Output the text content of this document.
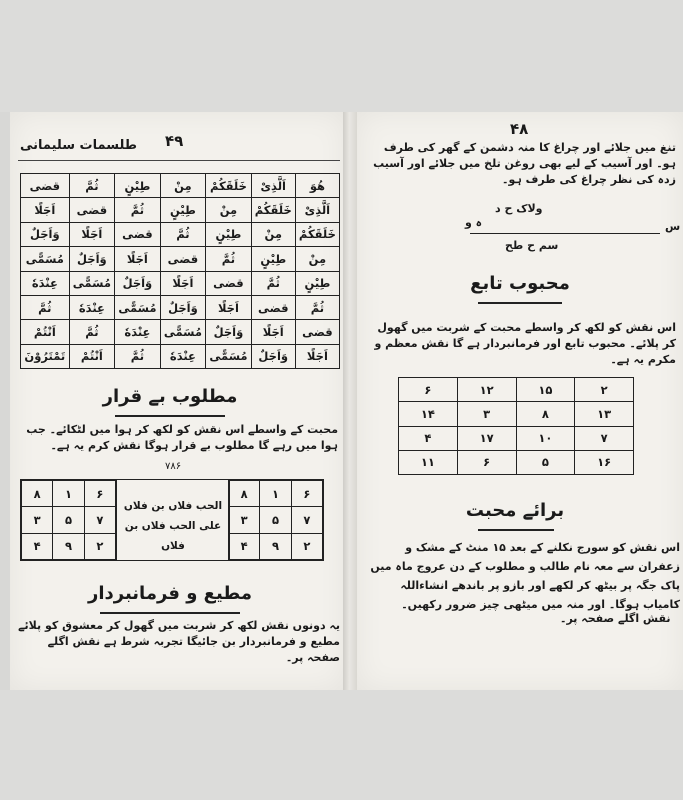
طلسمات سلیمانی ۴۹
قضی	ثُمَّ	طِیْنٍ	مِنْ	خَلَقَکُمْ	اَلَّذِیْ	هُوَ
اَجَلًا	قضی	ثُمَّ	طِیْنٍ	مِنْ	خَلَقَکُمْ	اَلَّذِیْ
وَاَجَلٌ	اَجَلًا	قضی	ثُمَّ	طِیْنٍ	مِنْ	خَلَقَکُمْ
مُسَمًّی	وَاَجَلٌ	اَجَلًا	قضی	ثُمَّ	طِیْنٍ	مِنْ
عِنْدَهٗ	مُسَمًّی	وَاَجَلٌ	اَجَلًا	قضی	ثُمَّ	طِیْنٍ
ثُمَّ	عِنْدَهٗ	مُسَمًّی	وَاَجَلٌ	اَجَلًا	قضی	ثُمَّ
اَنْتُمْ	ثُمَّ	عِنْدَهٗ	مُسَمًّی	وَاَجَلٌ	اَجَلًا	قضی
تَمْتَرُوْنَ	اَنْتُمْ	ثُمَّ	عِنْدَهٗ	مُسَمًّی	وَاَجَلٌ	اَجَلًا
مطلوب بے قرار
محبت کے واسطے اس نقش کو لکھ کر ہوا میں لٹکائے۔ جب ہوا میں رہے گا مطلوب بے قرار ہوگا نقش کرم یہ ہے۔
۷۸۶
۸	۱	۶
۳	۵	۷
۴	۹	۲
الحب فلاں بن فلاں
علی الحب فلاں بن فلاں
۸	۱	۶
۳	۵	۷
۴	۹	۲
مطیع و فرمانبردار
یہ دونوں نقش لکھ کر شربت میں گھول کر معشوق کو پلائے مطیع و فرمانبردار بن جائیگا تجربہ شرط ہے نقش اگلے صفحہ پر۔
۴۸
تنغ میں جلائے اور چراغ کا منہ دشمن کے گھر کی طرف ہو۔ اور آسیب کے لیے بھی روغن تلخ میں جلائے اور آسیب زدہ کی نظر چراغ کی طرف ہو۔
ولاک ح د
ہ و	س
سم ح طح
محبوب تابع
اس نقش کو لکھ کر واسطے محبت کے شربت میں گھول کر پلائے۔ محبوب تابع اور فرمانبردار ہے گا نقش معظم و مکرم یہ ہے۔
۶	۱۲	۱۵	۲
۱۴	۳	۸	۱۳
۴	۱۷	۱۰	۷
۱۱	۶	۵	۱۶
برائے محبت
اس نقش کو سورج نکلنے کے بعد ۱۵ منٹ کے مشک و زعفران سے معہ نام طالب و مطلوب کے دن عروج ماہ میں پاک جگہ پر بیٹھ کر لکھے اور بازو پر باندھے انشاءاللہ کامیاب ہوگا۔ اور منہ میں میٹھی چیز ضرور رکھیں۔
نقش اگلے صفحہ پر۔
